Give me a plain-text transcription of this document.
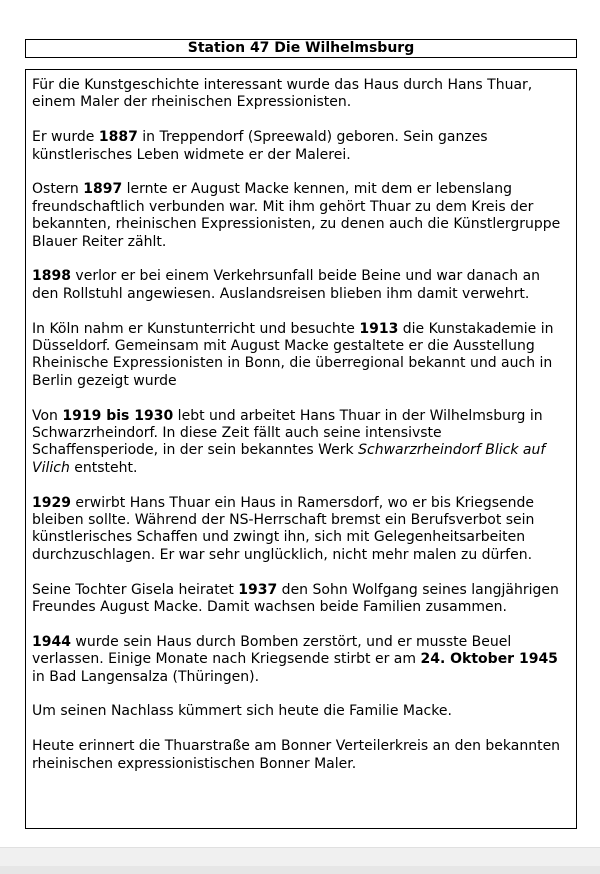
Station 47 Die Wilhelmsburg

Für die Kunstgeschichte interessant wurde das Haus durch Hans Thuar, einem Maler der rheinischen Expressionisten.

Er wurde 1887 in Treppendorf (Spreewald) geboren. Sein ganzes künstlerisches Leben widmete er der Malerei.

Ostern 1897 lernte er August Macke kennen, mit dem er lebenslang freundschaftlich verbunden war. Mit ihm gehört Thuar zu dem Kreis der bekannten, rheinischen Expressionisten, zu denen auch die Künstlergruppe Blauer Reiter zählt.

1898 verlor er bei einem Verkehrsunfall beide Beine und war danach an den Rollstuhl angewiesen. Auslandsreisen blieben ihm damit verwehrt.

In Köln nahm er Kunstunterricht und besuchte 1913 die Kunstakademie in Düsseldorf. Gemeinsam mit August Macke gestaltete er die Ausstellung Rheinische Expressionisten in Bonn, die überregional bekannt und auch in Berlin gezeigt wurde

Von 1919 bis 1930 lebt und arbeitet Hans Thuar in der Wilhelmsburg in Schwarzrheindorf. In diese Zeit fällt auch seine intensivste Schaffensperiode, in der sein bekanntes Werk Schwarzrheindorf Blick auf Vilich entsteht.

1929 erwirbt Hans Thuar ein Haus in Ramersdorf, wo er bis Kriegsende bleiben sollte. Während der NS-Herrschaft bremst ein Berufsverbot sein künstlerisches Schaffen und zwingt ihn, sich mit Gelegenheitsarbeiten durchzuschlagen. Er war sehr unglücklich, nicht mehr malen zu dürfen.

Seine Tochter Gisela heiratet 1937 den Sohn Wolfgang seines langjährigen Freundes August Macke. Damit wachsen beide Familien zusammen.

1944 wurde sein Haus durch Bomben zerstört, und er musste Beuel verlassen. Einige Monate nach Kriegsende stirbt er am 24. Oktober 1945 in Bad Langensalza (Thüringen).

Um seinen Nachlass kümmert sich heute die Familie Macke.

Heute erinnert die Thuarstraße am Bonner Verteilerkreis an den bekannten rheinischen expressionistischen Bonner Maler.
